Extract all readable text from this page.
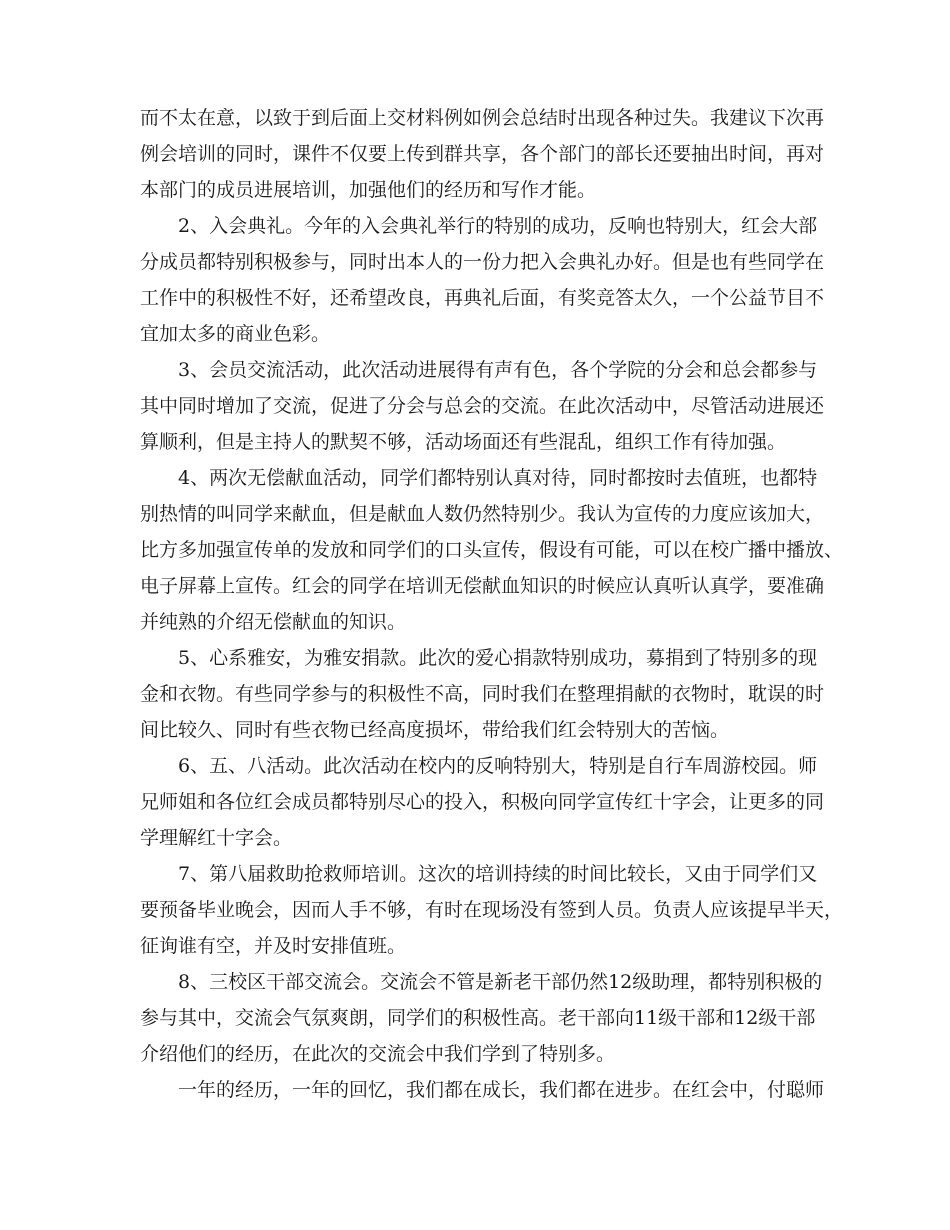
而不太在意，以致于到后面上交材料例如例会总结时出现各种过失。我建议下次再
例会培训的同时，课件不仅要上传到群共享，各个部门的部长还要抽出时间，再对
本部门的成员进展培训，加强他们的经历和写作才能。
2、入会典礼。今年的入会典礼举行的特别的成功，反响也特别大，红会大部
分成员都特别积极参与，同时出本人的一份力把入会典礼办好。但是也有些同学在
工作中的积极性不好，还希望改良，再典礼后面，有奖竞答太久，一个公益节目不
宜加太多的商业色彩。
3、会员交流活动，此次活动进展得有声有色，各个学院的分会和总会都参与
其中同时增加了交流，促进了分会与总会的交流。在此次活动中，尽管活动进展还
算顺利，但是主持人的默契不够，活动场面还有些混乱，组织工作有待加强。
4、两次无偿献血活动，同学们都特别认真对待，同时都按时去值班，也都特
别热情的叫同学来献血，但是献血人数仍然特别少。我认为宣传的力度应该加大，
比方多加强宣传单的发放和同学们的口头宣传，假设有可能，可以在校广播中播放、
电子屏幕上宣传。红会的同学在培训无偿献血知识的时候应认真听认真学，要准确
并纯熟的介绍无偿献血的知识。
5、心系雅安，为雅安捐款。此次的爱心捐款特别成功，募捐到了特别多的现
金和衣物。有些同学参与的积极性不高，同时我们在整理捐献的衣物时，耽误的时
间比较久、同时有些衣物已经高度损坏，带给我们红会特别大的苦恼。
6、五、八活动。此次活动在校内的反响特别大，特别是自行车周游校园。师
兄师姐和各位红会成员都特别尽心的投入，积极向同学宣传红十字会，让更多的同
学理解红十字会。
7、第八届救助抢救师培训。这次的培训持续的时间比较长，又由于同学们又
要预备毕业晚会，因而人手不够，有时在现场没有签到人员。负责人应该提早半天，
征询谁有空，并及时安排值班。
8、三校区干部交流会。交流会不管是新老干部仍然12级助理，都特别积极的
参与其中，交流会气氛爽朗，同学们的积极性高。老干部向11级干部和12级干部
介绍他们的经历，在此次的交流会中我们学到了特别多。
一年的经历，一年的回忆，我们都在成长，我们都在进步。在红会中，付聪师
